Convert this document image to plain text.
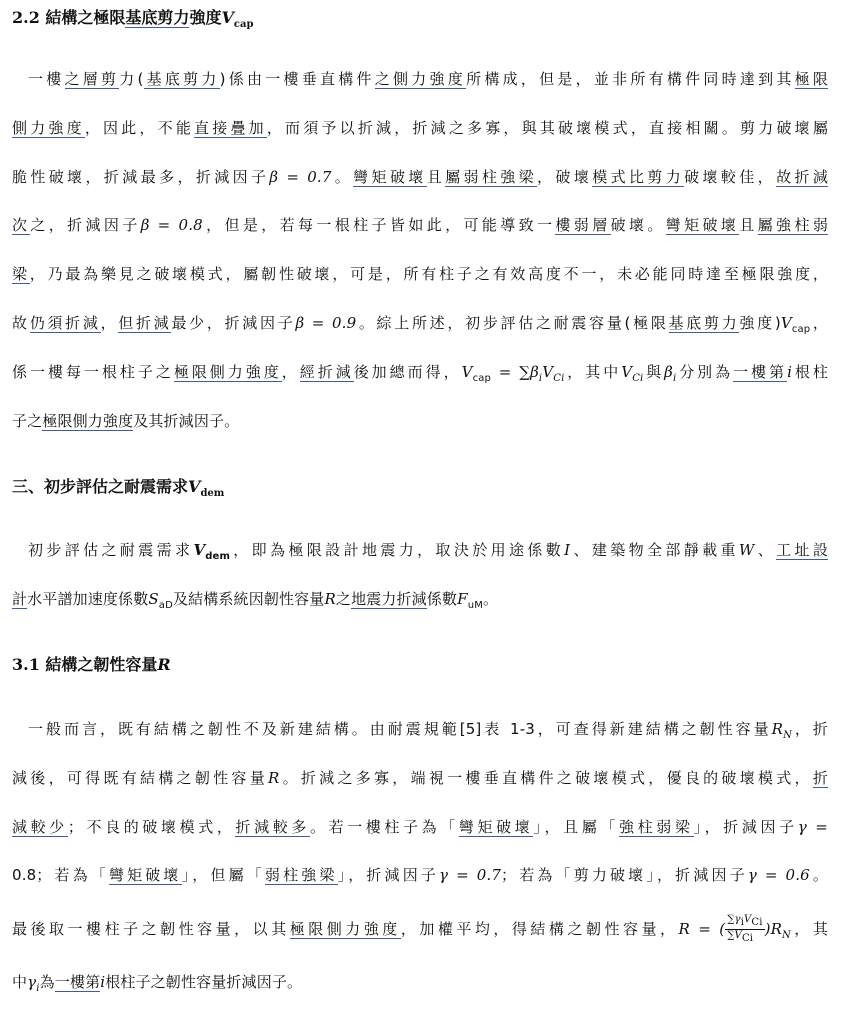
2.2 結構之極限基底剪力強度$V_{cap}$
一樓之層剪力(基底剪力)係由一樓垂直構件之側力強度所構成，但是，並非所有構件同時達到其極限
側力強度，因此，不能直接疊加，而須予以折減，折減之多寡，與其破壞模式，直接相關。剪力破壞屬
脆性破壞，折減最多，折減因子β = 0.7。彎矩破壞且屬弱柱強梁，破壞模式比剪力破壞較佳，故折減
次之，折減因子β = 0.8，但是，若每一根柱子皆如此，可能導致一樓弱層破壞。彎矩破壞且屬強柱弱
梁，乃最為樂見之破壞模式，屬韌性破壞，可是，所有柱子之有效高度不一，未必能同時達至極限強度，
故仍須折減，但折減最少，折減因子β = 0.9。綜上所述，初步評估之耐震容量(極限基底剪力強度)$V_{cap}$，
係一樓每一根柱子之極限側力強度，經折減後加總而得，$V_{cap} = \sum\beta_iV_{Ci}$，其中$V_{Ci}$與$\beta_i$分別為一樓第i根柱
子之極限側力強度及其折減因子。
三、初步評估之耐震需求$V_{dem}$
初步評估之耐震需求$V_{dem}$，即為極限設計地震力，取決於用途係數I、建築物全部靜載重W、工址設
計水平譜加速度係數$S_{aD}$及結構系統因韌性容量R之地震力折減係數$F_{uM}$。
3.1 結構之韌性容量R
一般而言，既有結構之韌性不及新建結構。由耐震規範[5]表 1-3，可查得新建結構之韌性容量$R_N$，折
減後，可得既有結構之韌性容量R。折減之多寡，端視一樓垂直構件之破壞模式，優良的破壞模式，折
減較少；不良的破壞模式，折減較多。若一樓柱子為「彎矩破壞」，且屬「強柱弱梁」，折減因子γ =
0.8；若為「彎矩破壞」，但屬「弱柱強梁」，折減因子γ = 0.7；若為「剪力破壞」，折減因子γ = 0.6。
最後取一樓柱子之韌性容量，以其極限側力強度，加權平均，得結構之韌性容量，R = ( $\frac{\sum\gamma_iV_{Ci}}{\sum V_{Ci}} )R_N$，其
中$\gamma_i$為一樓第i根柱子之韌性容量折減因子。
